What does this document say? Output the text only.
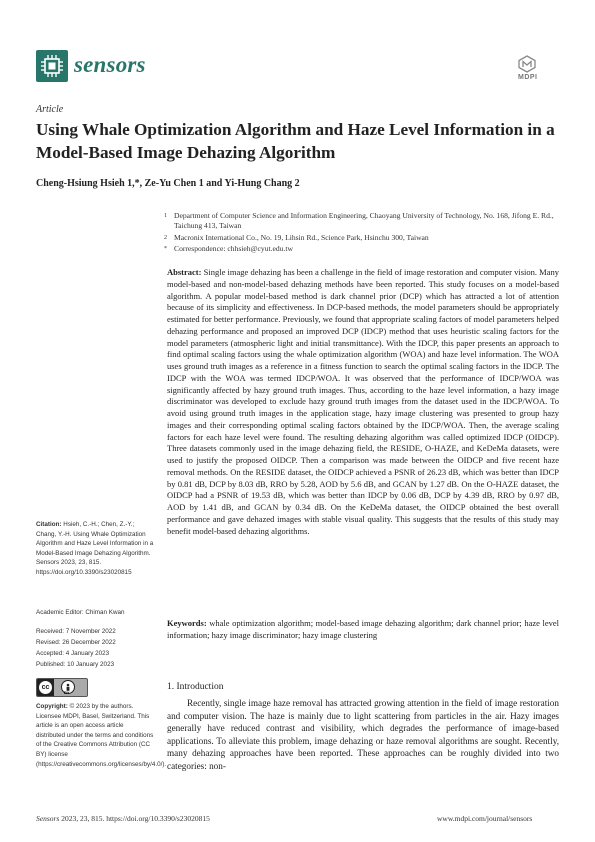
sensors
MDPI
Article
Using Whale Optimization Algorithm and Haze Level Information in a Model-Based Image Dehazing Algorithm
Cheng-Hsiung Hsieh 1,*, Ze-Yu Chen 1 and Yi-Hung Chang 2
1 Department of Computer Science and Information Engineering, Chaoyang University of Technology, No. 168, Jifong E. Rd., Taichung 413, Taiwan
2 Macronix International Co., No. 19, Lihsin Rd., Science Park, Hsinchu 300, Taiwan
* Correspondence: chhsieh@cyut.edu.tw
Abstract: Single image dehazing has been a challenge in the field of image restoration and computer vision. Many model-based and non-model-based dehazing methods have been reported. This study focuses on a model-based algorithm. A popular model-based method is dark channel prior (DCP) which has attracted a lot of attention because of its simplicity and effectiveness. In DCP-based methods, the model parameters should be appropriately estimated for better performance. Previously, we found that appropriate scaling factors of model parameters helped dehazing performance and proposed an improved DCP (IDCP) method that uses heuristic scaling factors for the model parameters (atmospheric light and initial transmittance). With the IDCP, this paper presents an approach to find optimal scaling factors using the whale optimization algorithm (WOA) and haze level information. The WOA uses ground truth images as a reference in a fitness function to search the optimal scaling factors in the IDCP. The IDCP with the WOA was termed IDCP/WOA. It was observed that the performance of IDCP/WOA was significantly affected by hazy ground truth images. Thus, according to the haze level information, a hazy image discriminator was developed to exclude hazy ground truth images from the dataset used in the IDCP/WOA. To avoid using ground truth images in the application stage, hazy image clustering was presented to group hazy images and their corresponding optimal scaling factors obtained by the IDCP/WOA. Then, the average scaling factors for each haze level were found. The resulting dehazing algorithm was called optimized IDCP (OIDCP). Three datasets commonly used in the image dehazing field, the RESIDE, O-HAZE, and KeDeMa datasets, were used to justify the proposed OIDCP. Then a comparison was made between the OIDCP and five recent haze removal methods. On the RESIDE dataset, the OIDCP achieved a PSNR of 26.23 dB, which was better than IDCP by 0.81 dB, DCP by 8.03 dB, RRO by 5.28, AOD by 5.6 dB, and GCAN by 1.27 dB. On the O-HAZE dataset, the OIDCP had a PSNR of 19.53 dB, which was better than IDCP by 0.06 dB, DCP by 4.39 dB, RRO by 0.97 dB, AOD by 1.41 dB, and GCAN by 0.34 dB. On the KeDeMa dataset, the OIDCP obtained the best overall performance and gave dehazed images with stable visual quality. This suggests that the results of this study may benefit model-based dehazing algorithms.
Keywords: whale optimization algorithm; model-based image dehazing algorithm; dark channel prior; haze level information; hazy image discriminator; hazy image clustering
Citation: Hsieh, C.-H.; Chen, Z.-Y.; Chang, Y.-H. Using Whale Optimization Algorithm and Haze Level Information in a Model-Based Image Dehazing Algorithm. Sensors 2023, 23, 815. https://doi.org/10.3390/s23020815
Academic Editor: Chiman Kwan
Received: 7 November 2022
Revised: 26 December 2022
Accepted: 4 January 2023
Published: 10 January 2023
cc
BY
Copyright: © 2023 by the authors. Licensee MDPI, Basel, Switzerland. This article is an open access article distributed under the terms and conditions of the Creative Commons Attribution (CC BY) license (https://creativecommons.org/licenses/by/4.0/).
1. Introduction
Recently, single image haze removal has attracted growing attention in the field of image restoration and computer vision. The haze is mainly due to light scattering from particles in the air. Hazy images generally have reduced contrast and visibility, which degrades the performance of image-based applications. To alleviate this problem, image dehazing or haze removal algorithms are sought. Recently, many dehazing approaches have been reported. These approaches can be roughly divided into two categories: non-
Sensors 2023, 23, 815. https://doi.org/10.3390/s23020815	www.mdpi.com/journal/sensors
